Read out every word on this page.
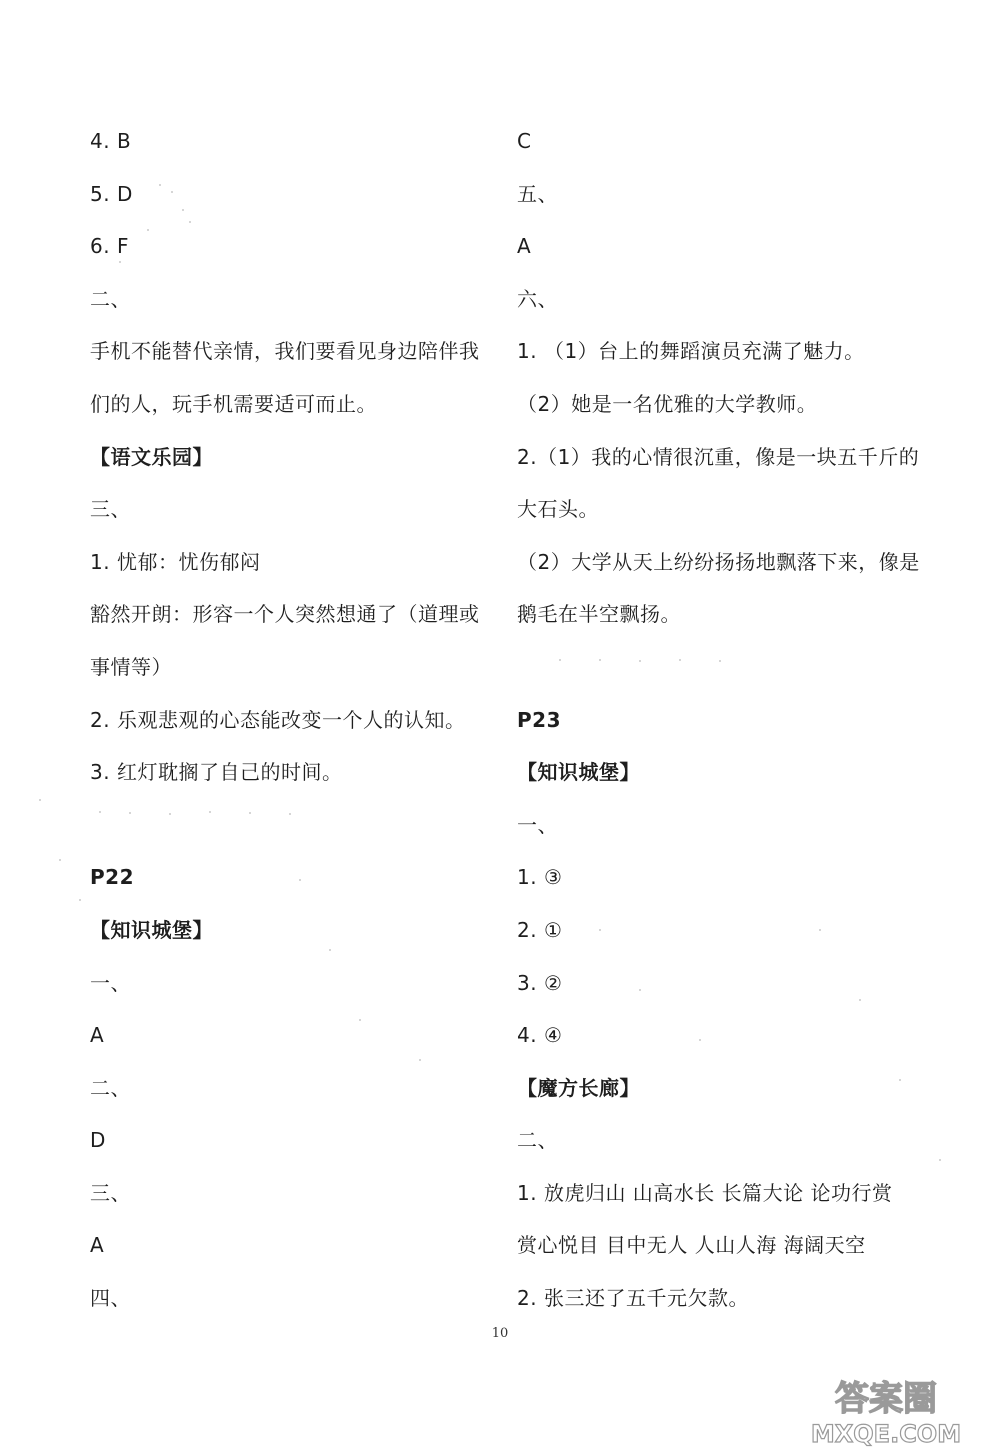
4. B
5. D
6. F
二、
手机不能替代亲情，我们要看见身边陪伴我
们的人，玩手机需要适可而止。
【语文乐园】
三、
1. 忧郁：忧伤郁闷
豁然开朗：形容一个人突然想通了（道理或
事情等）
2. 乐观悲观的心态能改变一个人的认知。
3. 红灯耽搁了自己的时间。
P22
【知识城堡】
一、
A
二、
D
三、
A
四、
C
五、
A
六、
1. （1）台上的舞蹈演员充满了魅力。
（2）她是一名优雅的大学教师。
2.（1）我的心情很沉重，像是一块五千斤的
大石头。
（2）大学从天上纷纷扬扬地飘落下来，像是
鹅毛在半空飘扬。
P23
【知识城堡】
一、
1. ③
2. ①
3. ②
4. ④
【魔方长廊】
二、
1. 放虎归山 山高水长 长篇大论 论功行赏
赏心悦目 目中无人 人山人海 海阔天空
2. 张三还了五千元欠款。
10
答案圈
MXQE.COM
